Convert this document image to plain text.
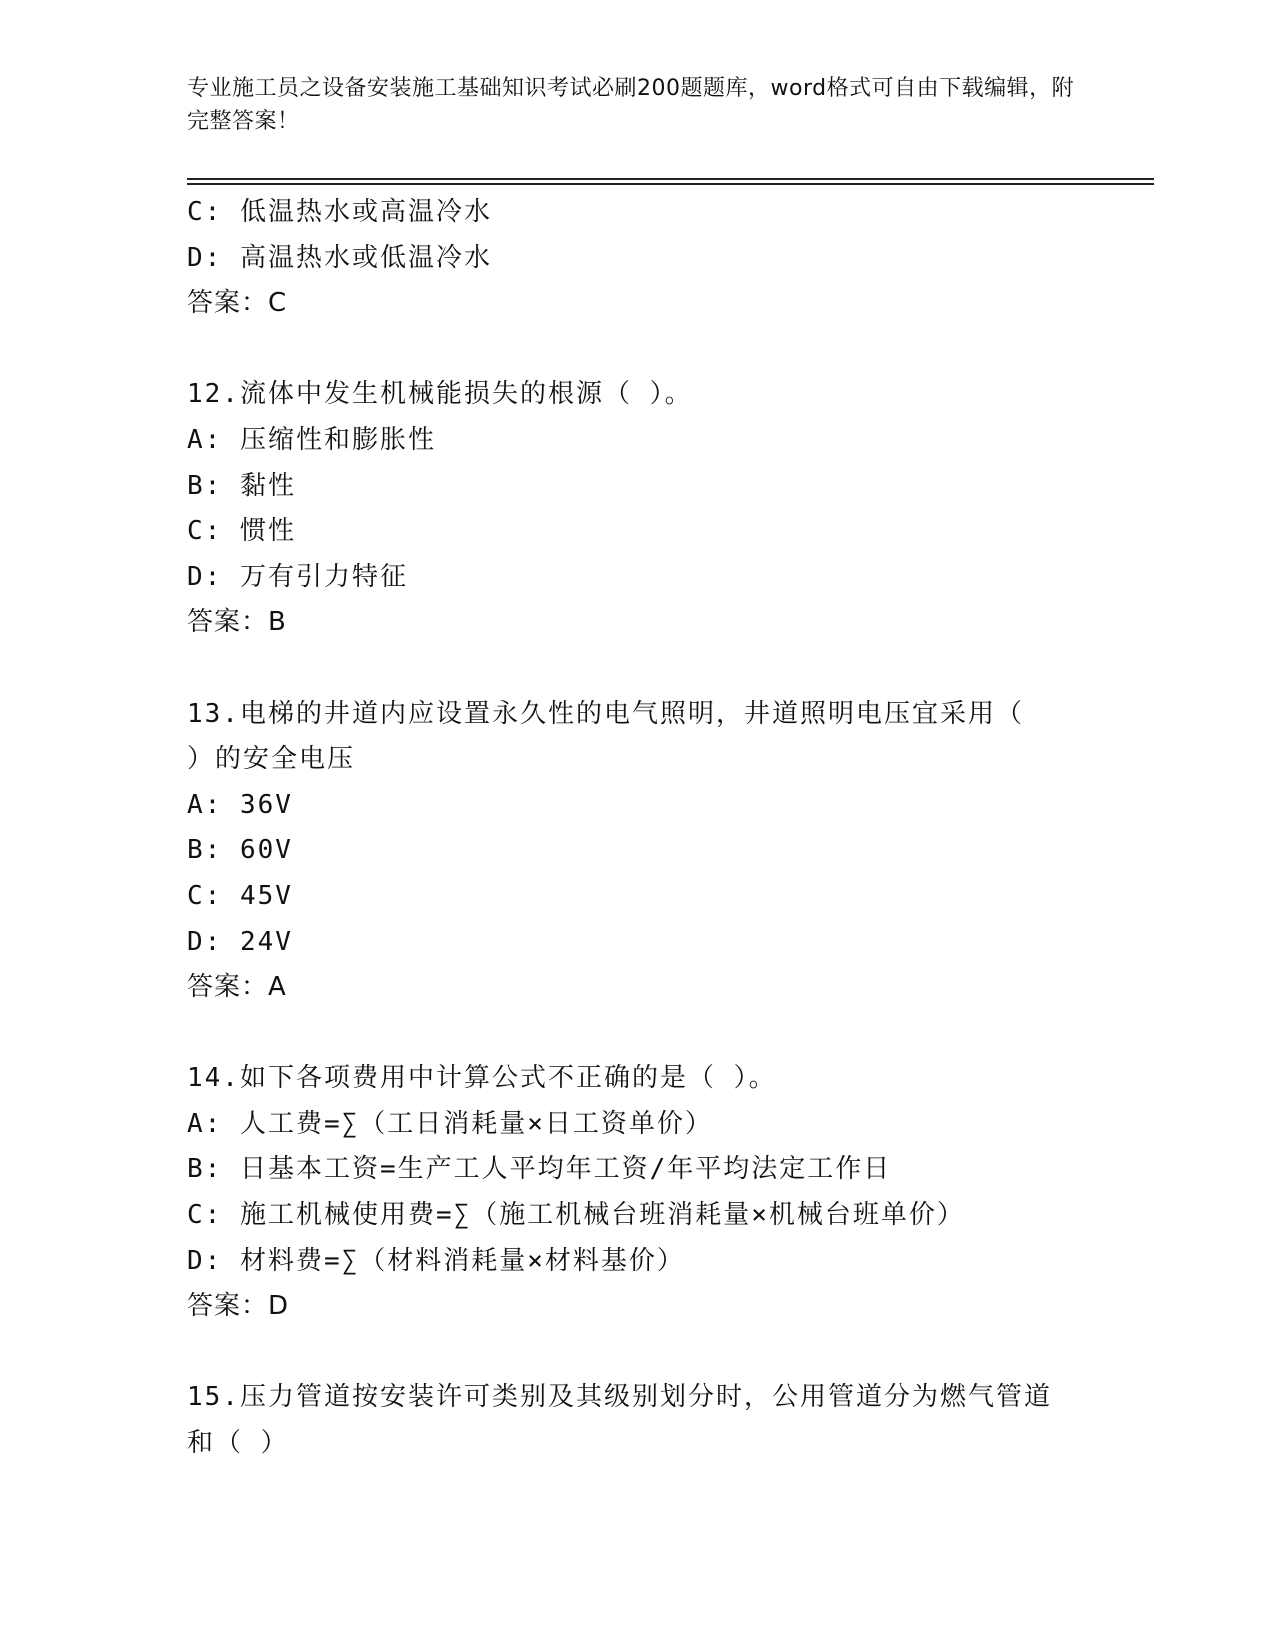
专业施工员之设备安装施工基础知识考试必刷200题题库，word格式可自由下载编辑，附完整答案！
C: 低温热水或高温冷水
D: 高温热水或低温冷水
答案：C
12.流体中发生机械能损失的根源（ ）。
A: 压缩性和膨胀性
B: 黏性
C: 惯性
D: 万有引力特征
答案：B
13.电梯的井道内应设置永久性的电气照明，井道照明电压宜采用（
）的安全电压
A: 36V
B: 60V
C: 45V
D: 24V
答案：A
14.如下各项费用中计算公式不正确的是（ ）。
A: 人工费=∑（工日消耗量×日工资单价）
B: 日基本工资=生产工人平均年工资/年平均法定工作日
C: 施工机械使用费=∑（施工机械台班消耗量×机械台班单价）
D: 材料费=∑（材料消耗量×材料基价）
答案：D
15.压力管道按安装许可类别及其级别划分时，公用管道分为燃气管道
和（ ）
